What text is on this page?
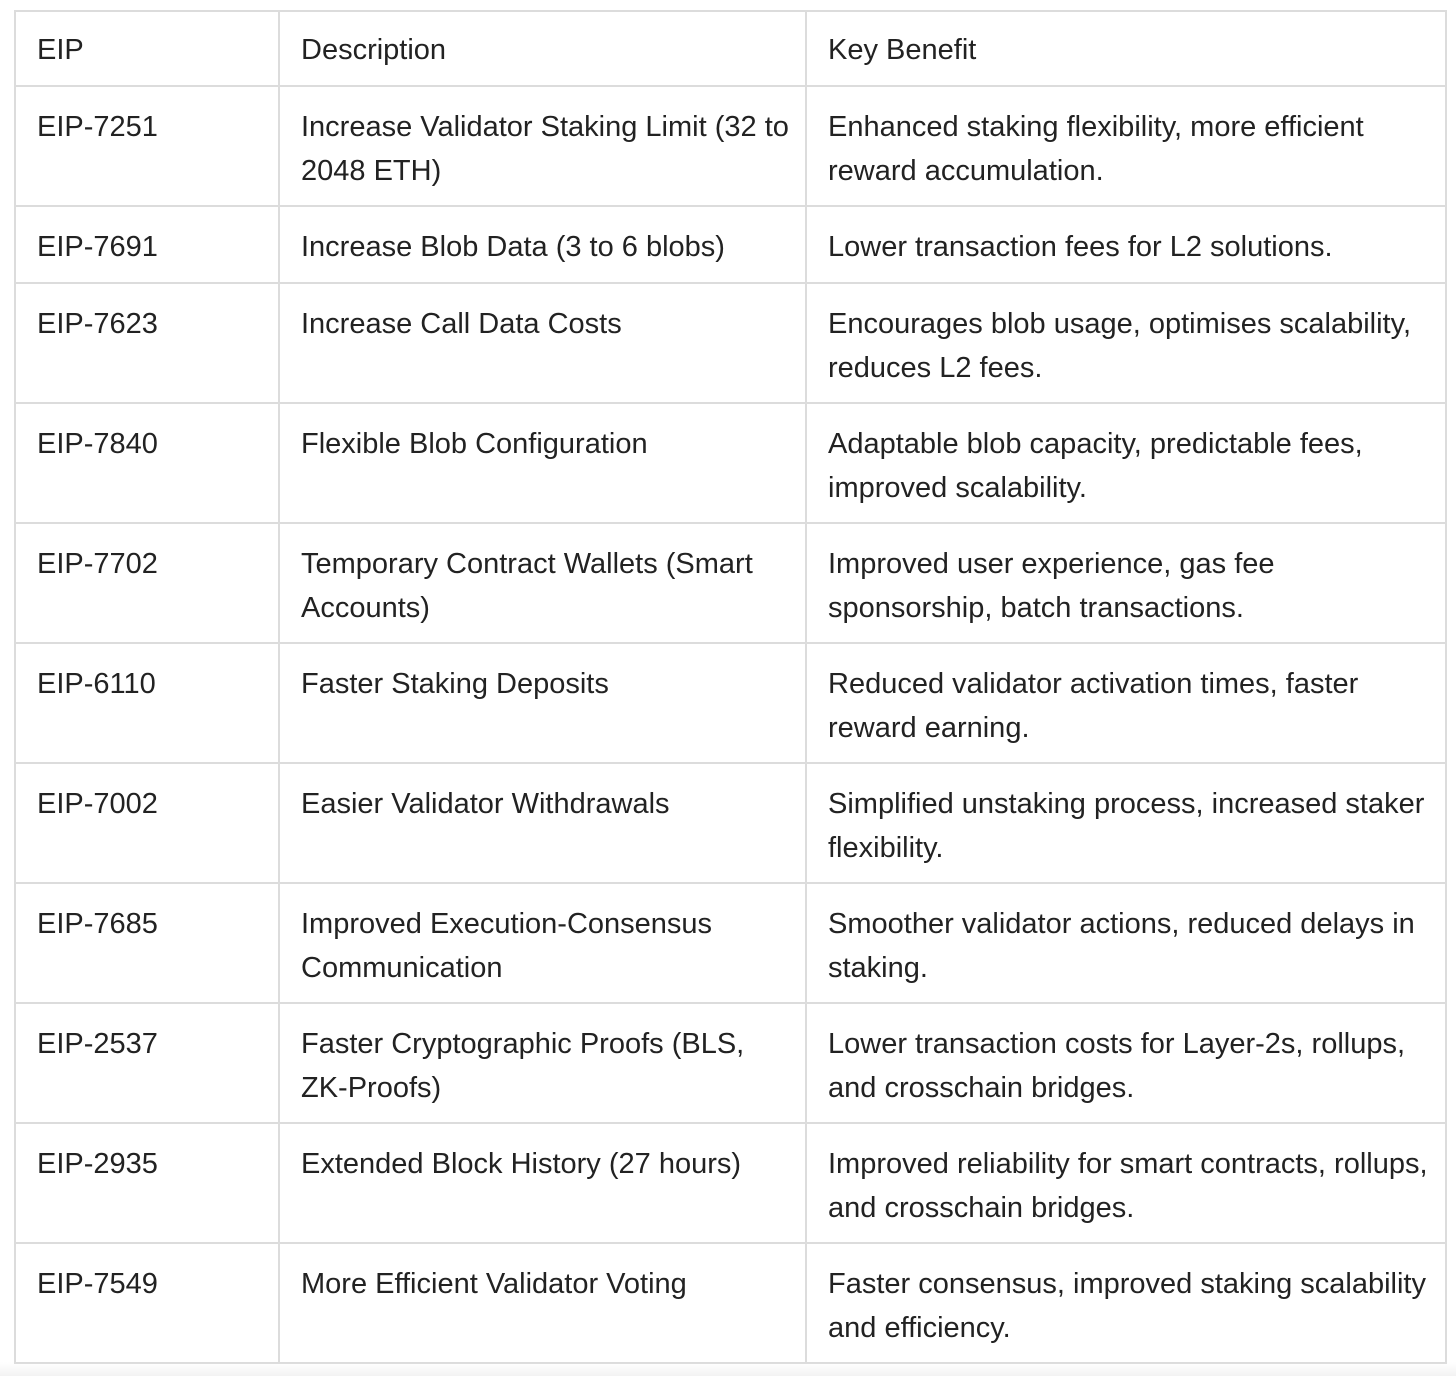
EIP	Description	Key Benefit
EIP-7251	Increase Validator Staking Limit (32 to 2048 ETH)	Enhanced staking flexibility, more efficient reward accumulation.
EIP-7691	Increase Blob Data (3 to 6 blobs)	Lower transaction fees for L2 solutions.
EIP-7623	Increase Call Data Costs	Encourages blob usage, optimises scalability, reduces L2 fees.
EIP-7840	Flexible Blob Configuration	Adaptable blob capacity, predictable fees, improved scalability.
EIP-7702	Temporary Contract Wallets (Smart Accounts)	Improved user experience, gas fee sponsorship, batch transactions.
EIP-6110	Faster Staking Deposits	Reduced validator activation times, faster reward earning.
EIP-7002	Easier Validator Withdrawals	Simplified unstaking process, increased staker flexibility.
EIP-7685	Improved Execution-Consensus Communication	Smoother validator actions, reduced delays in staking.
EIP-2537	Faster Cryptographic Proofs (BLS, ZK-Proofs)	Lower transaction costs for Layer-2s, rollups, and crosschain bridges.
EIP-2935	Extended Block History (27 hours)	Improved reliability for smart contracts, rollups, and crosschain bridges.
EIP-7549	More Efficient Validator Voting	Faster consensus, improved staking scalability and efficiency.
